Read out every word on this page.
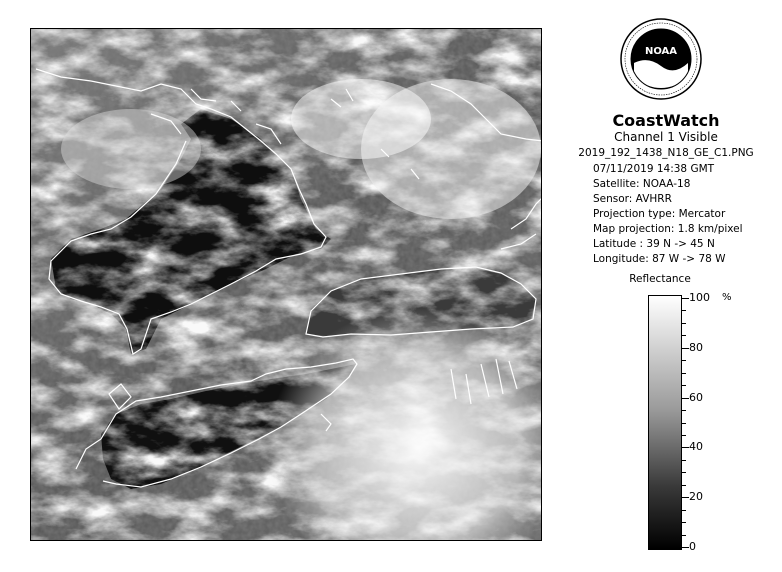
NOAA
CoastWatch
Channel 1 Visible
2019_192_1438_N18_GE_C1.PNG
07/11/2019 14:38 GMT
Satellite: NOAA-18
Sensor: AVHRR
Projection type: Mercator
Map projection: 1.8 km/pixel
Latitude : 39 N -> 45 N
Longitude: 87 W -> 78 W
Reflectance
%
100
80
60
40
20
0
